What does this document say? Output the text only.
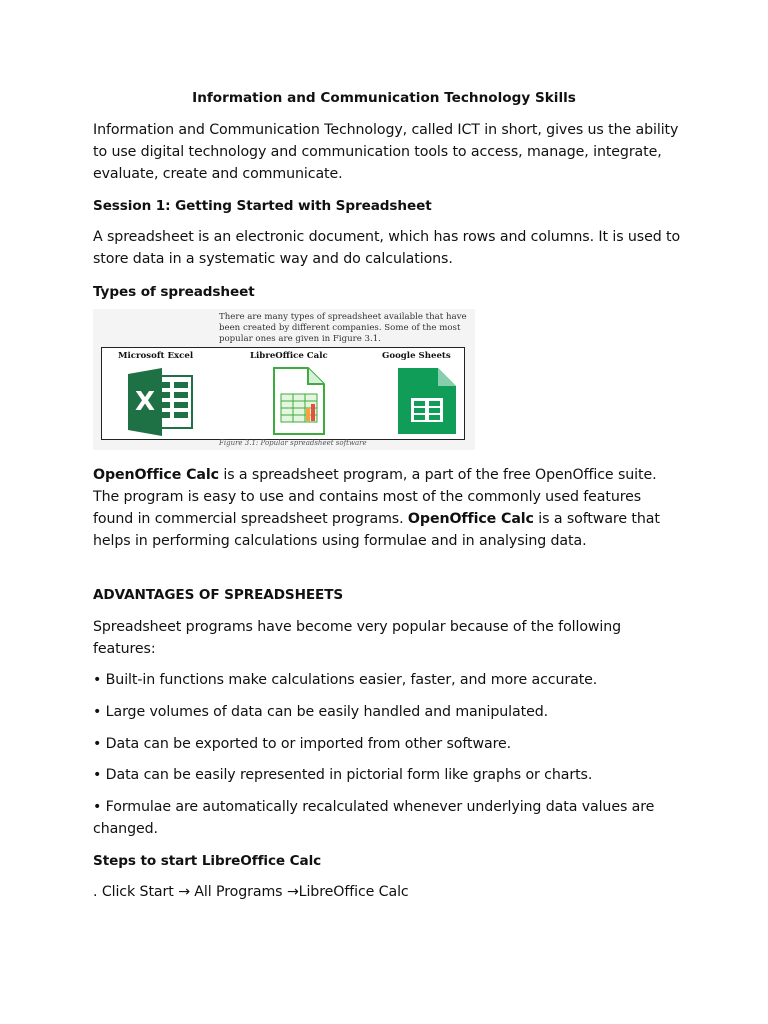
Information and Communication Technology Skills

Information and Communication Technology, called ICT in short, gives us the ability to use digital technology and communication tools to access, manage, integrate, evaluate, create and communicate.

Session 1: Getting Started with Spreadsheet

A spreadsheet is an electronic document, which has rows and columns. It is used to store data in a systematic way and do calculations.

Types of spreadsheet

There are many types of spreadsheet available that have been created by different companies. Some of the most popular ones are given in Figure 3.1.
Microsoft Excel	LibreOffice Calc	Google Sheets
X
Figure 3.1: Popular spreadsheet software

OpenOffice Calc is a spreadsheet program, a part of the free OpenOffice suite. The program is easy to use and contains most of the commonly used features found in commercial spreadsheet programs. OpenOffice Calc is a software that helps in performing calculations using formulae and in analysing data.

ADVANTAGES OF SPREADSHEETS

Spreadsheet programs have become very popular because of the following features:

• Built-in functions make calculations easier, faster, and more accurate.

• Large volumes of data can be easily handled and manipulated.

• Data can be exported to or imported from other software.

• Data can be easily represented in pictorial form like graphs or charts.

• Formulae are automatically recalculated whenever underlying data values are changed.

Steps to start LibreOffice Calc

. Click Start → All Programs →LibreOffice Calc
